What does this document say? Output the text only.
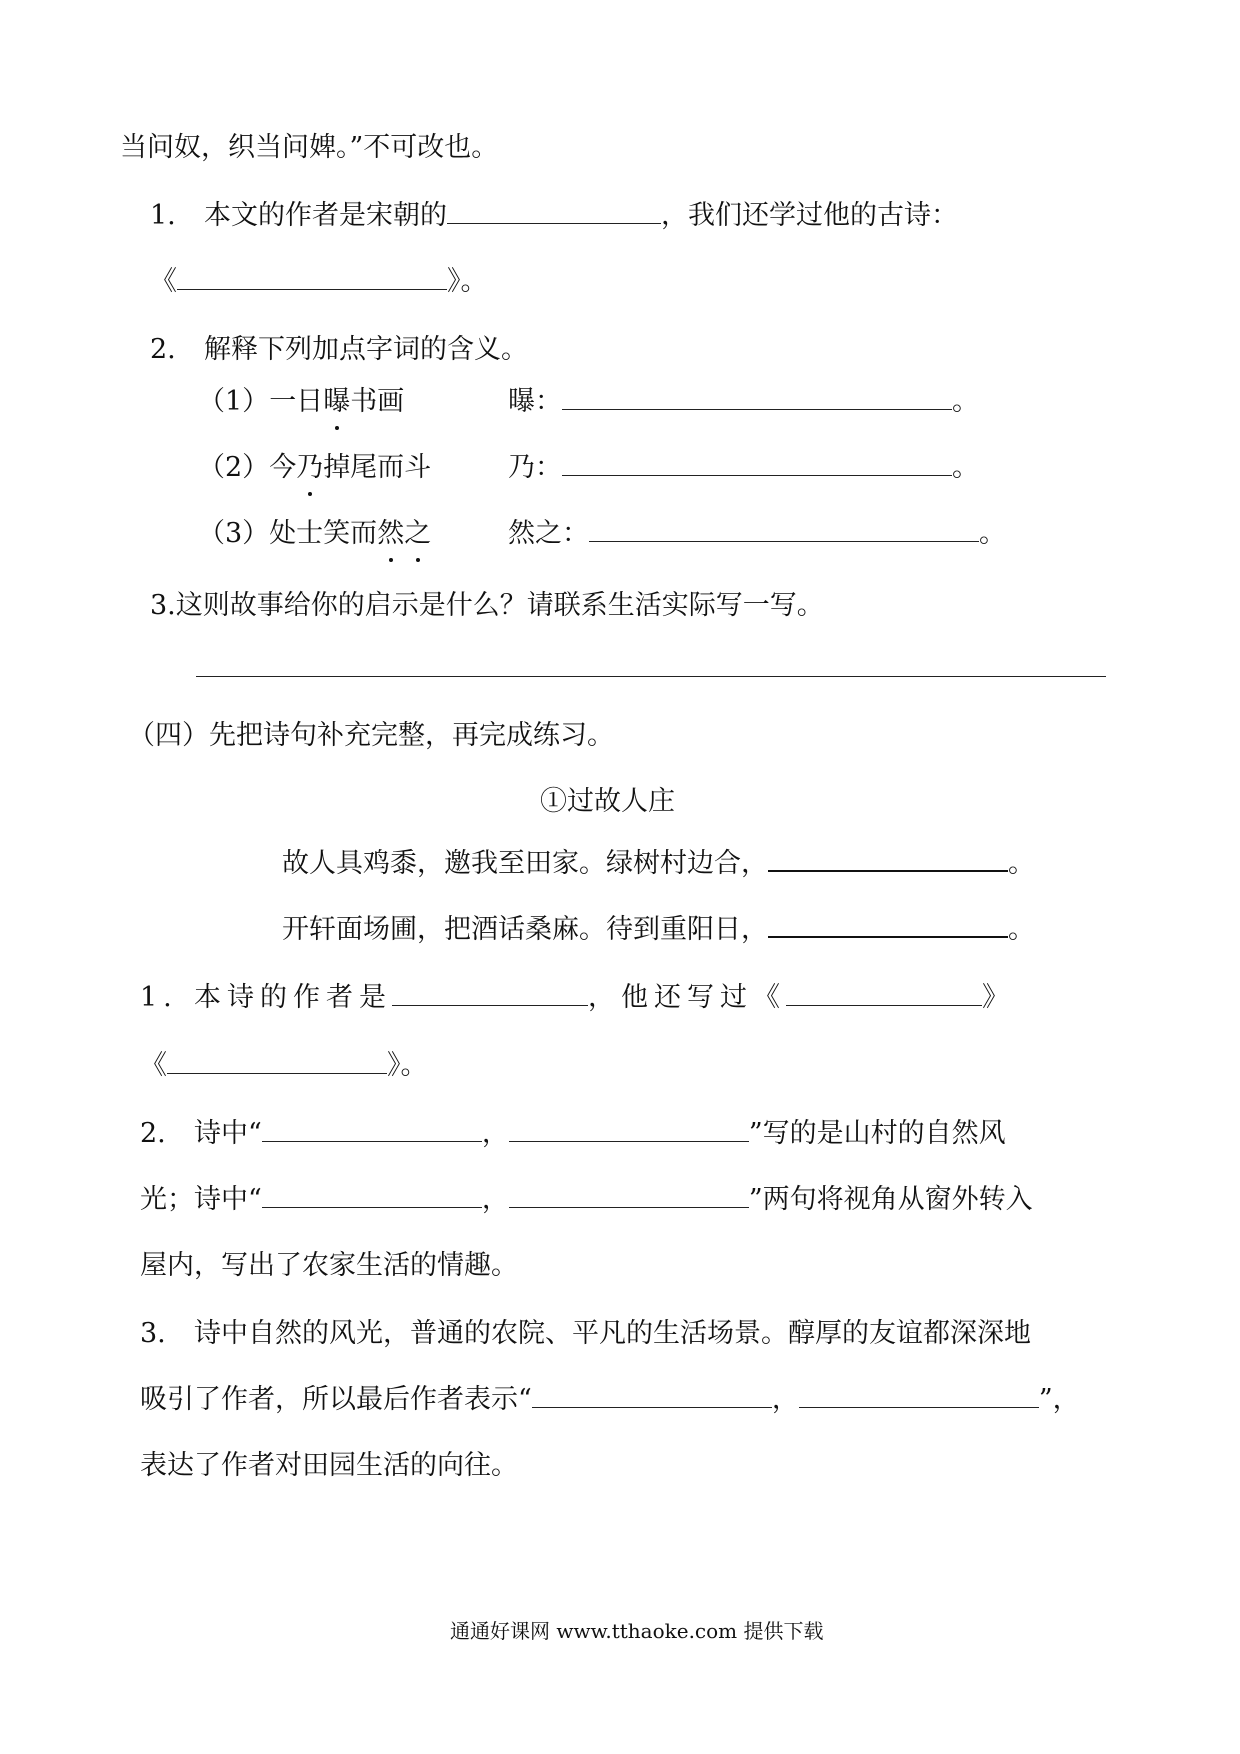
当问奴，织当问婢。”不可改也。
1. 本文的作者是宋朝的	，我们还学过他的古诗：
《	》。
2. 解释下列加点字词的含义。
（1）一日曝书画	曝：	。
（2）今乃掉尾而斗	乃：	。
（3）处士笑而然之	然之：	。
3.这则故事给你的启示是什么？请联系生活实际写一写。
（四）先把诗句补充完整，再完成练习。
①过故人庄
故人具鸡黍，邀我至田家。绿树村边合，	。
开轩面场圃，把酒话桑麻。待到重阳日，	。
1. 本诗的作者是	，他还写过《	》
《	》。
2. 诗中“	，	”写的是山村的自然风
光；诗中“	，	”两句将视角从窗外转入
屋内，写出了农家生活的情趣。
3. 诗中自然的风光，普通的农院、平凡的生活场景。醇厚的友谊都深深地
吸引了作者，所以最后作者表示“	，	”，
表达了作者对田园生活的向往。
通通好课网 www.tthaoke.com 提供下载
